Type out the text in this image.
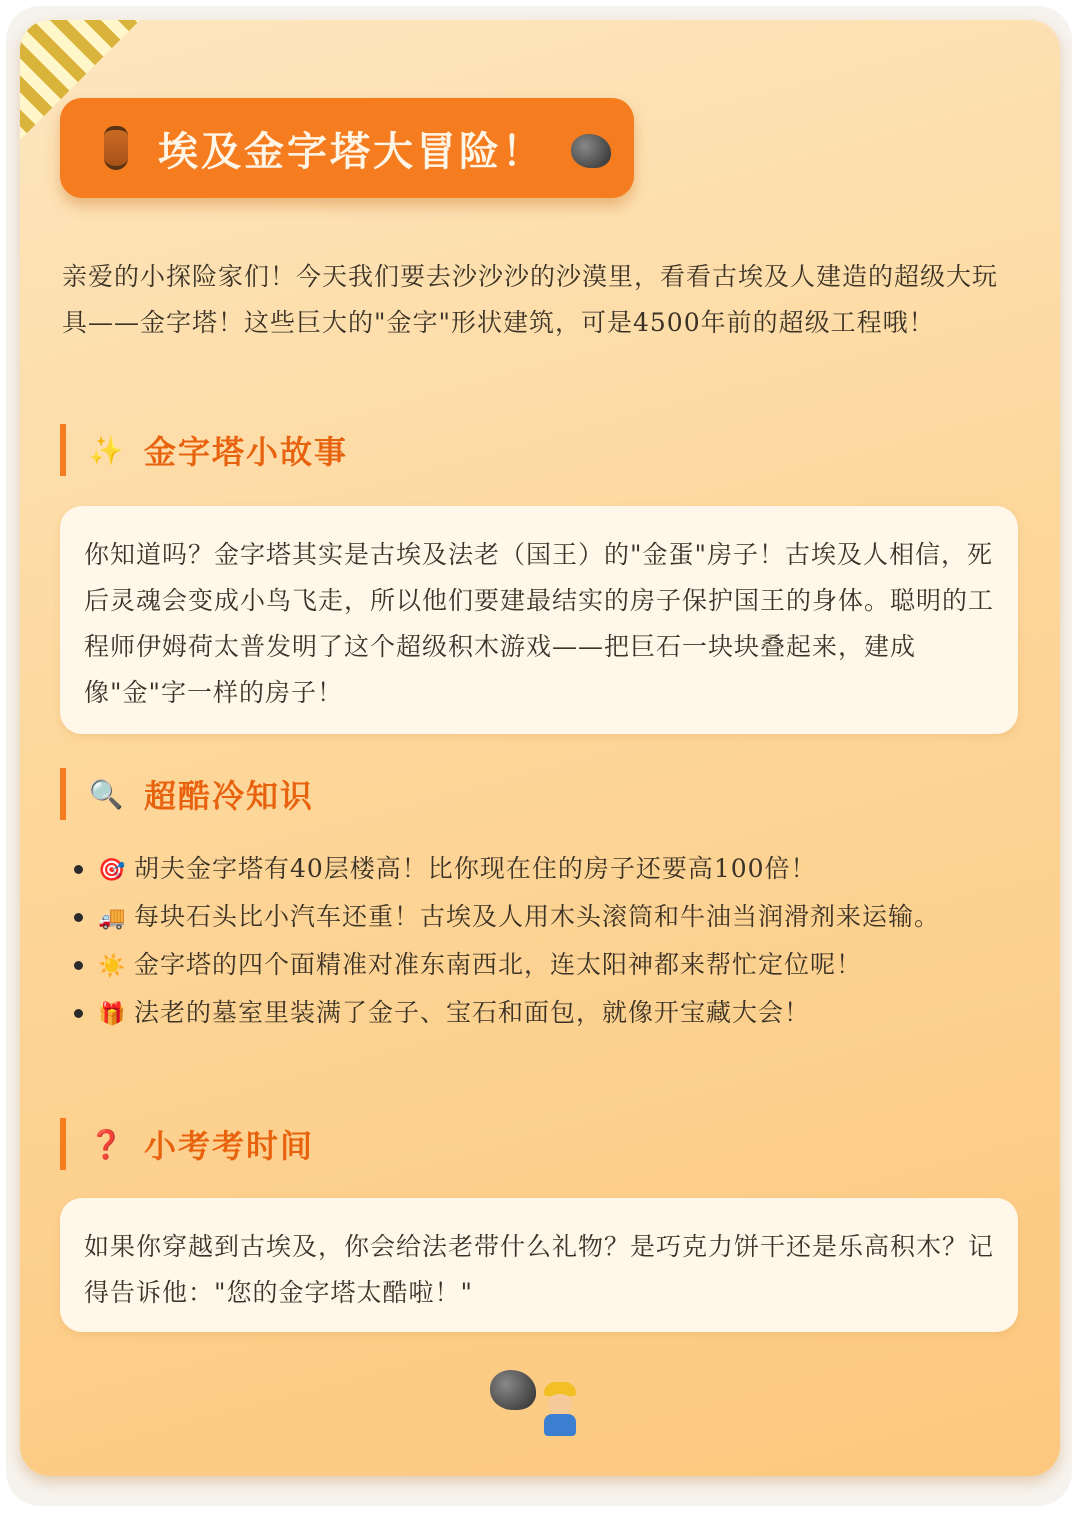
埃及金字塔大冒险！
亲爱的小探险家们！今天我们要去沙沙沙的沙漠里，看看古埃及人建造的超级大玩具——金字塔！这些巨大的"金字"形状建筑，可是4500年前的超级工程哦！
✨ 金字塔小故事
你知道吗？金字塔其实是古埃及法老（国王）的"金蛋"房子！古埃及人相信，死后灵魂会变成小鸟飞走，所以他们要建最结实的房子保护国王的身体。聪明的工程师伊姆荷太普发明了这个超级积木游戏——把巨石一块块叠起来，建成像"金"字一样的房子！
🔍 超酷冷知识
🎯 胡夫金字塔有40层楼高！比你现在住的房子还要高100倍！
🚚 每块石头比小汽车还重！古埃及人用木头滚筒和牛油当润滑剂来运输。
☀️ 金字塔的四个面精准对准东南西北，连太阳神都来帮忙定位呢！
🎁 法老的墓室里装满了金子、宝石和面包，就像开宝藏大会！
❓ 小考考时间
如果你穿越到古埃及，你会给法老带什么礼物？是巧克力饼干还是乐高积木？记得告诉他："您的金字塔太酷啦！"
